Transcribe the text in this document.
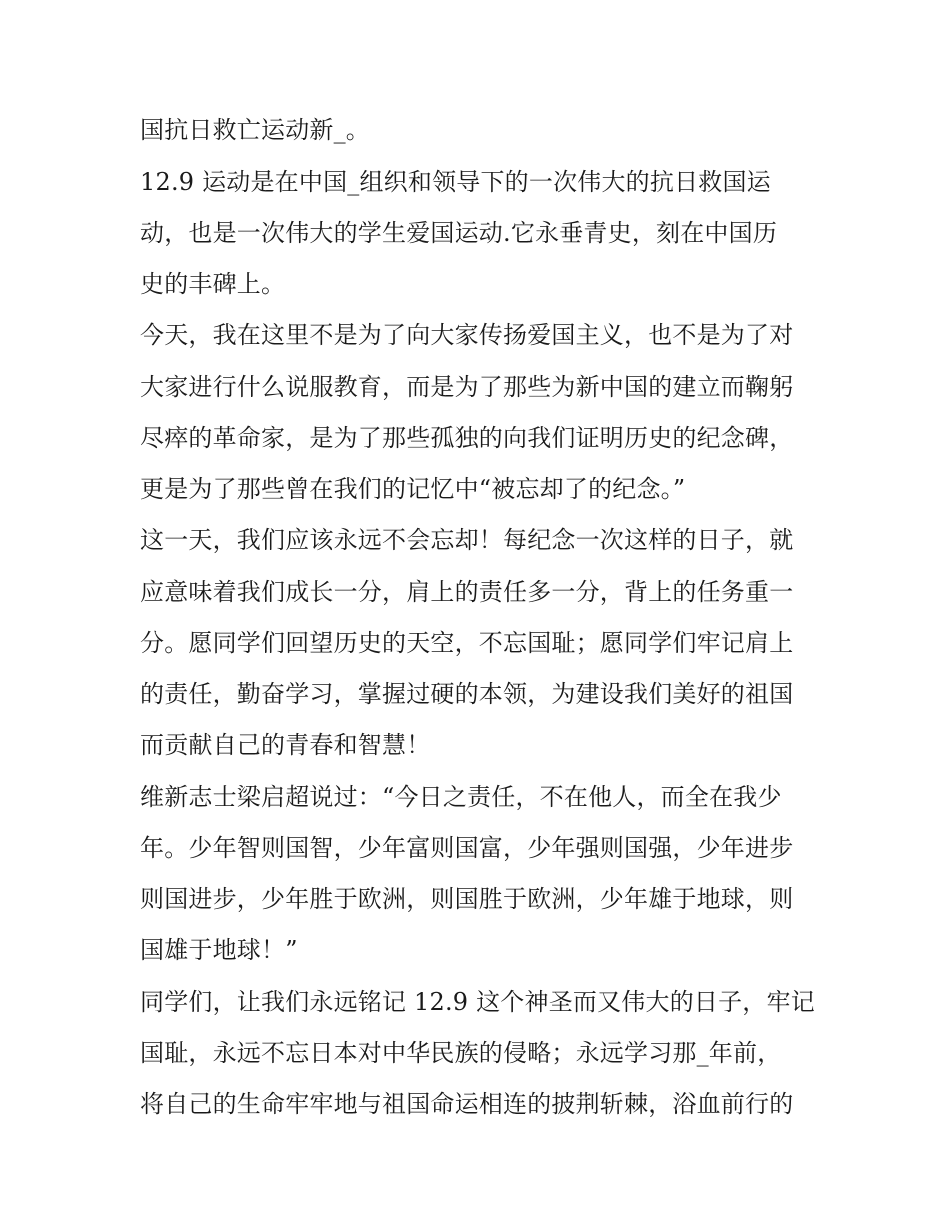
国抗日救亡运动新_。
12.9 运动是在中国_组织和领导下的一次伟大的抗日救国运
动，也是一次伟大的学生爱国运动.它永垂青史，刻在中国历
史的丰碑上。
今天，我在这里不是为了向大家传扬爱国主义，也不是为了对
大家进行什么说服教育，而是为了那些为新中国的建立而鞠躬
尽瘁的革命家，是为了那些孤独的向我们证明历史的纪念碑，
更是为了那些曾在我们的记忆中“被忘却了的纪念。”
这一天，我们应该永远不会忘却！每纪念一次这样的日子，就
应意味着我们成长一分，肩上的责任多一分，背上的任务重一
分。愿同学们回望历史的天空，不忘国耻；愿同学们牢记肩上
的责任，勤奋学习，掌握过硬的本领，为建设我们美好的祖国
而贡献自己的青春和智慧！
维新志士梁启超说过：“今日之责任，不在他人，而全在我少
年。少年智则国智，少年富则国富，少年强则国强，少年进步
则国进步，少年胜于欧洲，则国胜于欧洲，少年雄于地球，则
国雄于地球！”
同学们，让我们永远铭记 12.9 这个神圣而又伟大的日子，牢记
国耻，永远不忘日本对中华民族的侵略；永远学习那_年前，
将自己的生命牢牢地与祖国命运相连的披荆斩棘，浴血前行的
